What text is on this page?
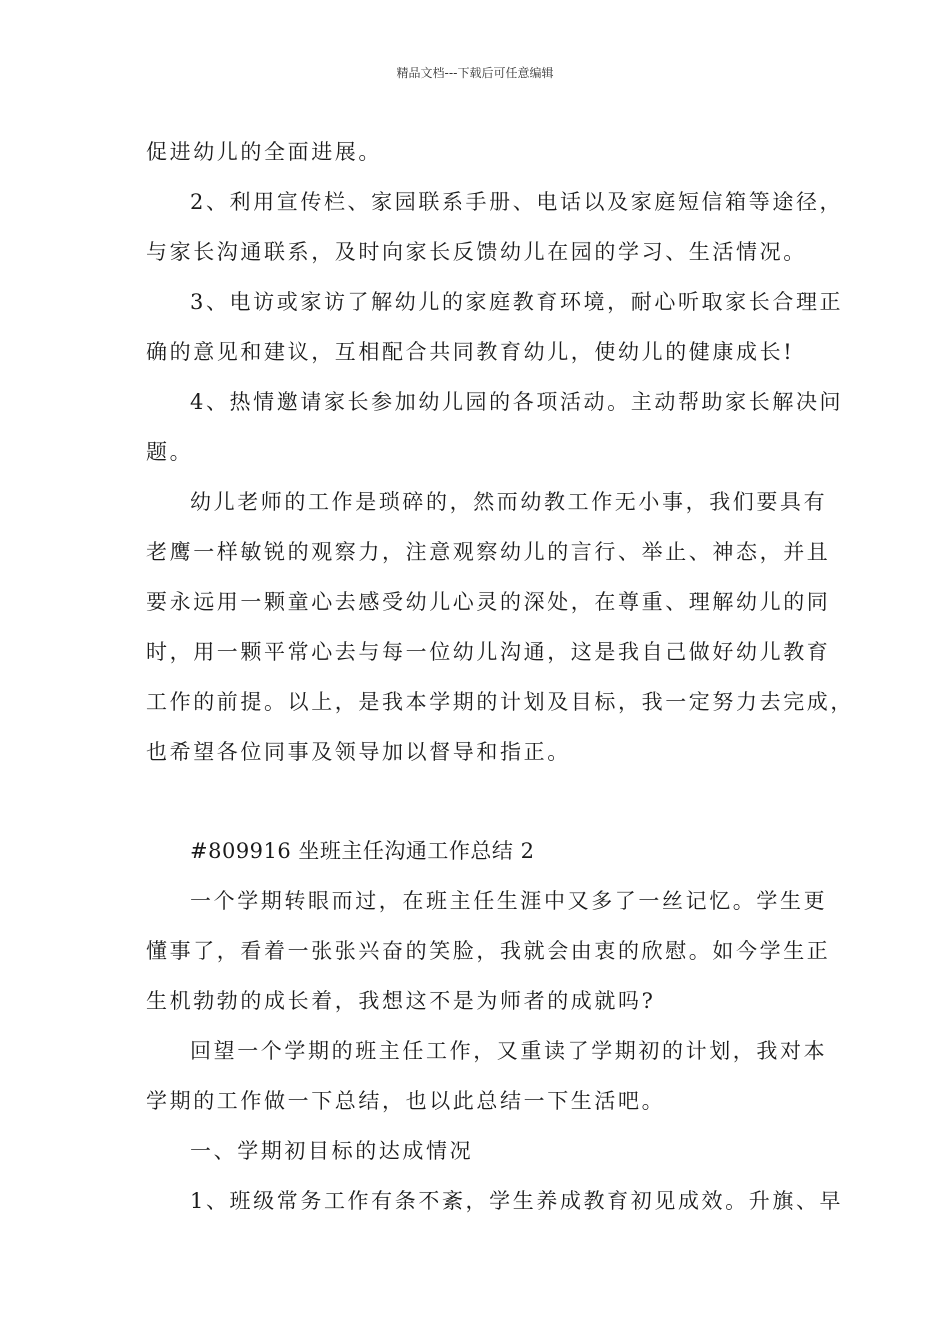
精品文档---下载后可任意编辑
促进幼儿的全面进展。
2、利用宣传栏、家园联系手册、电话以及家庭短信箱等途径，
与家长沟通联系，及时向家长反馈幼儿在园的学习、生活情况。
3、电访或家访了解幼儿的家庭教育环境，耐心听取家长合理正
确的意见和建议，互相配合共同教育幼儿，使幼儿的健康成长!
4、热情邀请家长参加幼儿园的各项活动。主动帮助家长解决问
题。
幼儿老师的工作是琐碎的，然而幼教工作无小事，我们要具有
老鹰一样敏锐的观察力，注意观察幼儿的言行、举止、神态，并且
要永远用一颗童心去感受幼儿心灵的深处，在尊重、理解幼儿的同
时，用一颗平常心去与每一位幼儿沟通，这是我自己做好幼儿教育
工作的前提。以上，是我本学期的计划及目标，我一定努力去完成，
也希望各位同事及领导加以督导和指正。
#809916 坐班主任沟通工作总结 2
一个学期转眼而过，在班主任生涯中又多了一丝记忆。学生更
懂事了，看着一张张兴奋的笑脸，我就会由衷的欣慰。如今学生正
生机勃勃的成长着，我想这不是为师者的成就吗?
回望一个学期的班主任工作，又重读了学期初的计划，我对本
学期的工作做一下总结，也以此总结一下生活吧。
一、学期初目标的达成情况
1、班级常务工作有条不紊，学生养成教育初见成效。升旗、早
